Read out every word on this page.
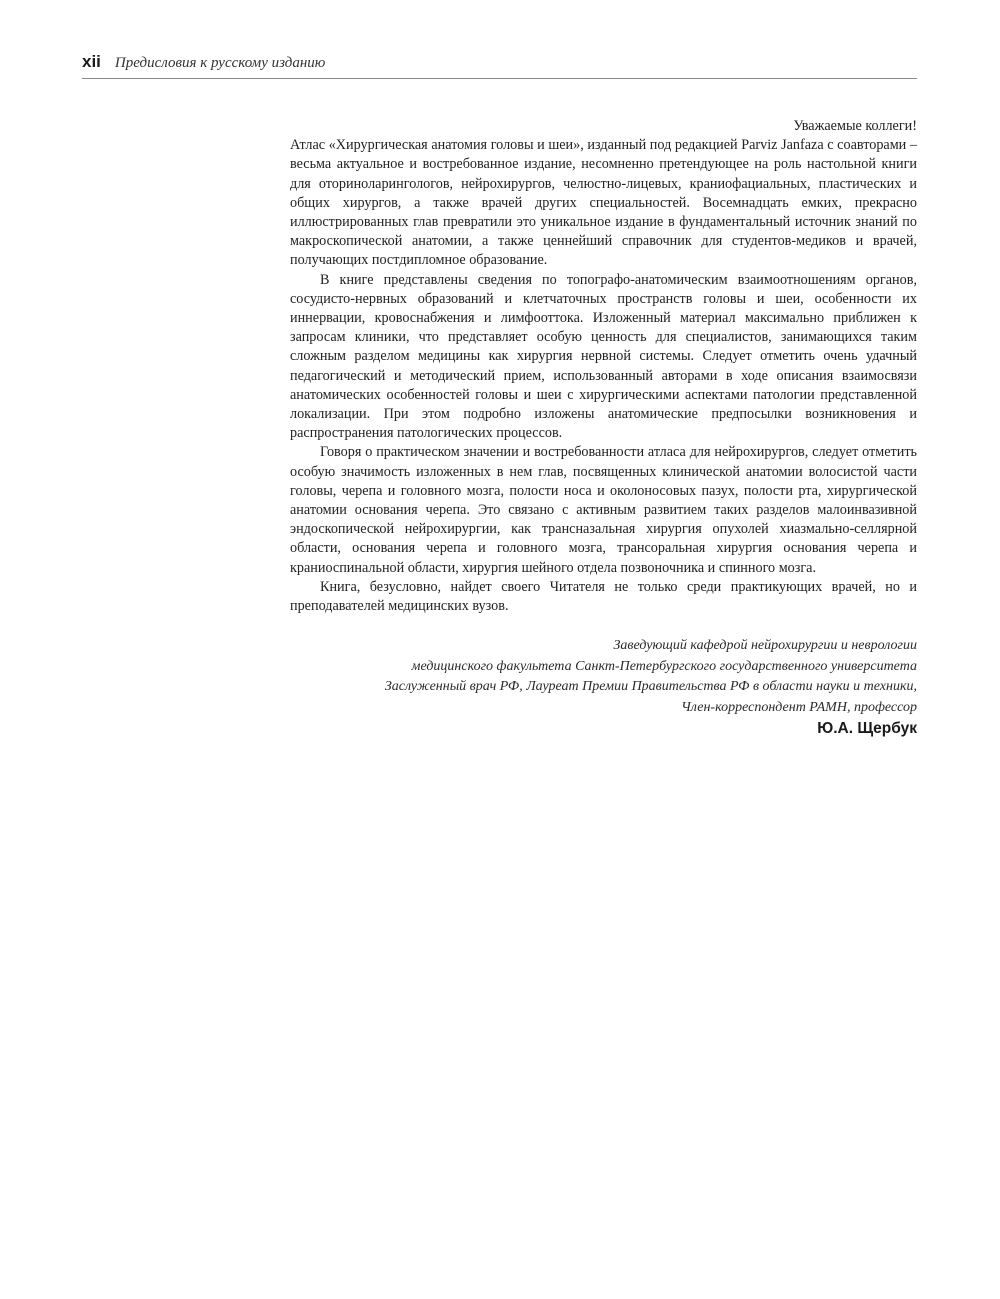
xii Предисловия к русскому изданию

Уважаемые коллеги!

Атлас «Хирургическая анатомия головы и шеи», изданный под редакцией Parviz Janfaza с соавторами – весьма актуальное и востребованное издание, несомненно претендующее на роль настольной книги для оториноларингологов, нейрохирургов, челюстно-лицевых, краниофациальных, пластических и общих хирургов, а также врачей других специальностей. Восемнадцать емких, прекрасно иллюстрированных глав превратили это уникальное издание в фундаментальный источник знаний по макроскопической анатомии, а также ценнейший справочник для студентов-медиков и врачей, получающих постдипломное образование.

В книге представлены сведения по топографо-анатомическим взаимоотношениям органов, сосудисто-нервных образований и клетчаточных пространств головы и шеи, особенности их иннервации, кровоснабжения и лимфооттока. Изложенный материал максимально приближен к запросам клиники, что представляет особую ценность для специалистов, занимающихся таким сложным разделом медицины как хирургия нервной системы. Следует отметить очень удачный педагогический и методический прием, использованный авторами в ходе описания взаимосвязи анатомических особенностей головы и шеи с хирургическими аспектами патологии представленной локализации. При этом подробно изложены анатомические предпосылки возникновения и распространения патологических процессов.

Говоря о практическом значении и востребованности атласа для нейрохирургов, следует отметить особую значимость изложенных в нем глав, посвященных клинической анатомии волосистой части головы, черепа и головного мозга, полости носа и околоносовых пазух, полости рта, хирургической анатомии основания черепа. Это связано с активным развитием таких разделов малоинвазивной эндоскопической нейрохирургии, как трансназальная хирургия опухолей хиазмально-селлярной области, основания черепа и головного мозга, трансоральная хирургия основания черепа и краниоспинальной области, хирургия шейного отдела позвоночника и спинного мозга.

Книга, безусловно, найдет своего Читателя не только среди практикующих врачей, но и преподавателей медицинских вузов.

Заведующий кафедрой нейрохирургии и неврологии
медицинского факультета Санкт-Петербургского государственного университета
Заслуженный врач РФ, Лауреат Премии Правительства РФ в области науки и техники,
Член-корреспондент РАМН, профессор
Ю.А. Щербук
